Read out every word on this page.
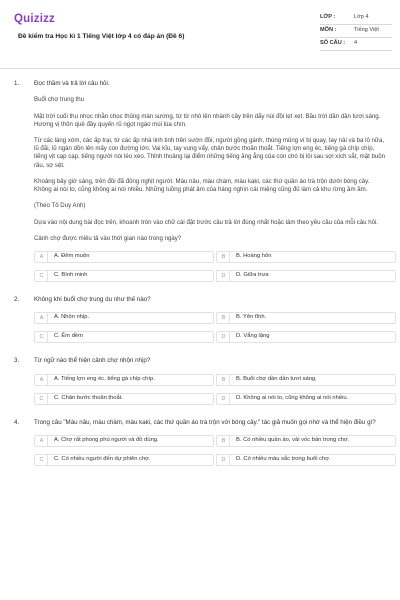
Quizizz
Đề kiểm tra Học kì 1 Tiếng Việt lớp 4 có đáp án (Đề 6)
LỚP :	Lớp 4
MÔN :	Tiếng Việt
SỐ CÂU :	4
1. Đọc thầm và trả lời câu hỏi.

Buổi chợ trung thu

Mặt trời cuối thu nhọc nhằn chọc thủng màn sương, từ từ nhô lên nhành cây trên dãy núi đồi lẹt xẹt. Bầu trời dần dần tươi sáng. Hương vị thôn quê đầy quyến rũ ngọt ngào mùi lúa chín.

Từ các làng xóm, các ấp trại, từ các ấp nhà linh tinh trên sườn đồi, người gồng gánh, thúng mủng ví bị quay, tay nải và ba lô nữa, lũ đãi, lũ ngàn dồn lên mấy con đường lớn. Vai kĩu, tay vung vẩy, chân bước thoăn thoắt. Tiếng lợn eng éc, tiếng gà chíp chíp, tiếng vịt cạp cạp, tiếng người nói léo xéo. Thỉnh thoảng lại điểm những tiếng ăng ẳng của con chó bị lôi sau sợi xích sắt, mặt buồn rầu, sợ sệt.

Khoảng bảy giờ sáng, trên đồi đã đông nghịt người. Màu nâu, màu chàm, màu kaki, các thứ quần áo trà trộn dưới bóng cây. Không ai nói to, cũng không ai nói nhiều. Những luồng phát âm của hàng nghìn cái miệng cũng đủ làm cả khu rừng ầm ầm.

(Theo Tô Duy Anh)

Dựa vào nội dung bài đọc trên, khoanh tròn vào chữ cái đặt trước câu trả lời đúng nhất hoặc làm theo yêu cầu của mỗi câu hỏi.

Cảnh chợ được miêu tả vào thời gian nào trong ngày?

A	A. Đêm muộn	B	B. Hoàng hôn
C	C. Bình minh	D	D. Giữa trưa
2. Không khí buổi chợ trung du như thế nào?
A	A. Nhộn nhịp.	B	B. Yên tĩnh.
C	C. Êm đềm	D	D. Vắng lặng
3. Từ ngữ nào thể hiện cảnh chợ nhộn nhịp?
A	A. Tiếng lợn eng éc, tiếng gà chíp chíp.	B	B. Buổi chợ dần dần tươi sáng.
C	C. Chân bước thoăn thoắt.	D	D. Không ai nói to, cũng không ai nói nhiều.
4. Trong câu "Màu nâu, màu chàm, màu kaki, các thứ quần áo trà trộn với bóng cây." tác giả muốn gọi nhớ và thể hiện điều gì?
A	A. Chợ rất phong phú người và đồ dùng.	B	B. Có nhiều quần áo, vải vóc bán trong chợ.
C	C. Có nhiều người đến dự phiên chợ.	D	D. Có nhiều màu sắc trong buổi chợ.
